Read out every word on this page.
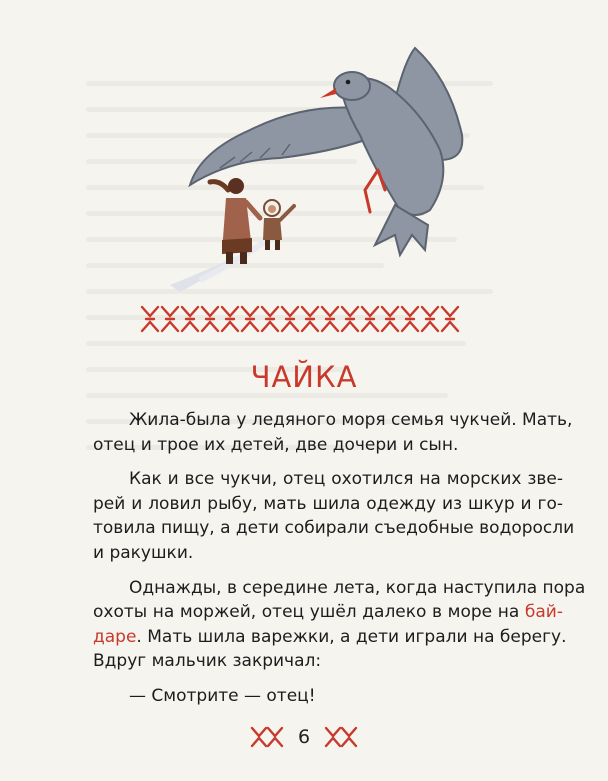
ЧАЙКА

Жила-была у ледяного моря семья чукчей. Мать,
отец и трое их детей, две дочери и сын.

Как и все чукчи, отец охотился на морских зве-
рей и ловил рыбу, мать шила одежду из шкур и го-
товила пищу, а дети собирали съедобные водоросли
и ракушки.

Однажды, в середине лета, когда наступила пора
охоты на моржей, отец ушёл далеко в море на бай-
даре. Мать шила варежки, а дети играли на берегу.
Вдруг мальчик закричал:

— Смотрите — отец!

6
